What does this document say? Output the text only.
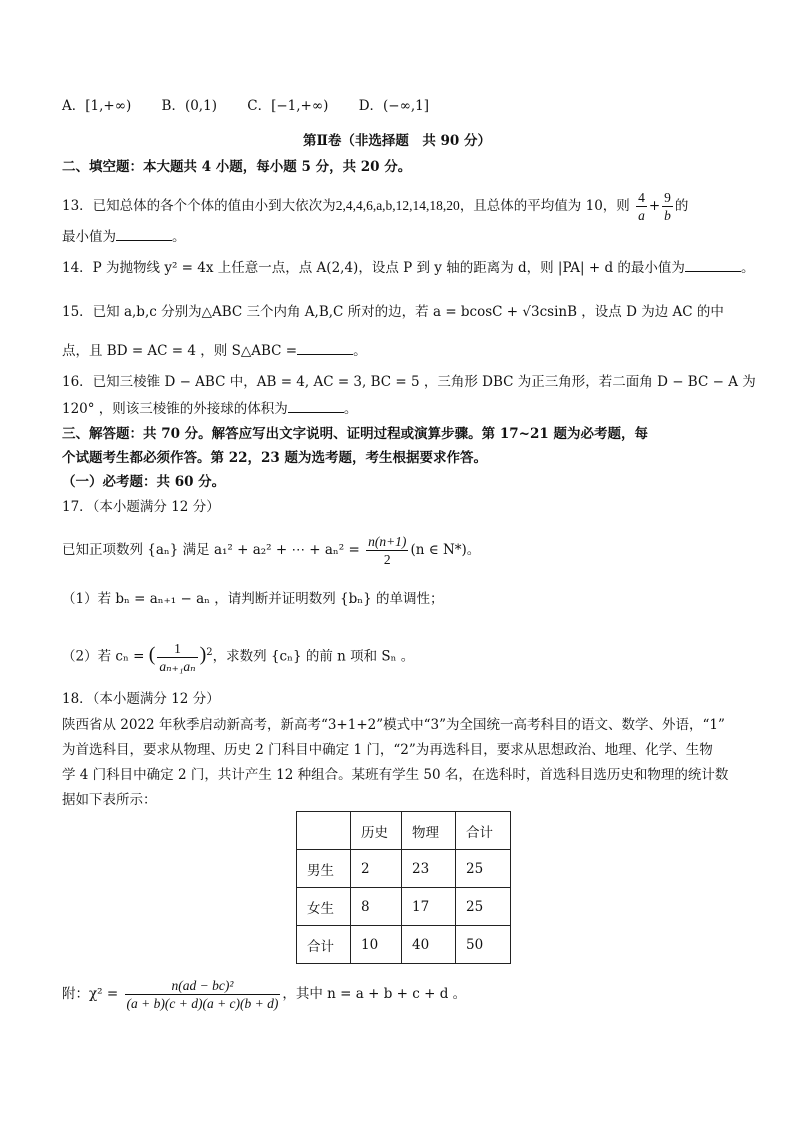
A．[1,+∞) B．(0,1) C．[−1,+∞) D．(−∞,1]
第Ⅱ卷（非选择题　共 90 分）
二、填空题：本大题共 4 小题，每小题 5 分，共 20 分。
13．已知总体的各个个体的值由小到大依次为2,4,4,6,a,b,12,14,18,20，且总体的平均值为 10，则 $\frac{4}{a} + \frac{9}{b}$ 的
最小值为	。
14．P 为抛物线 y² = 4x 上任意一点，点 A(2,4)，设点 P 到 y 轴的距离为 d，则 |PA| + d 的最小值为	。
15．已知 a,b,c 分别为△ABC 三个内角 A,B,C 所对的边，若 a = bcosC + √3csinB ，设点 D 为边 AC 的中
点，且 BD = AC = 4 ，则 S△ABC =	。
16．已知三棱锥 D − ABC 中，AB = 4, AC = 3, BC = 5 ，三角形 DBC 为正三角形，若二面角 D − BC − A 为
120° ，则该三棱锥的外接球的体积为	。
三、解答题：共 70 分。解答应写出文字说明、证明过程或演算步骤。第 17~21 题为必考题，每
个试题考生都必须作答。第 22，23 题为选考题，考生根据要求作答。
（一）必考题：共 60 分。
17．（本小题满分 12 分）
已知正项数列 {aₙ} 满足 a₁² + a₂² + ⋯ + $a_n^2 = \frac{n(n+1)}{2} (n$ ∈ N*)。
（1）若 bₙ = aₙ₊₁ − aₙ ，请判断并证明数列 {bₙ} 的单调性；
（2）若 cₙ = ( $\frac{1}{\text{aₙ₊₁aₙ}} )^2$，求数列 {cₙ} 的前 n 项和 Sₙ 。
18．（本小题满分 12 分）
陕西省从 2022 年秋季启动新高考，新高考“3+1+2”模式中“3”为全国统一高考科目的语文、数学、外语，“1”
为首选科目，要求从物理、历史 2 门科目中确定 1 门，“2”为再选科目，要求从思想政治、地理、化学、生物
学 4 门科目中确定 2 门，共计产生 12 种组合。某班有学生 50 名，在选科时，首选科目选历史和物理的统计数
据如下表所示：
	历史	物理	合计
男生	2	23	25
女生	8	17	25
合计	10	40	50
附：$\chi^2 = \frac{\text{n(ad − bc)²}}{(a + b)(c + d)(a + c)(b + d)}$ ，其中 n = a + b + c + d 。
